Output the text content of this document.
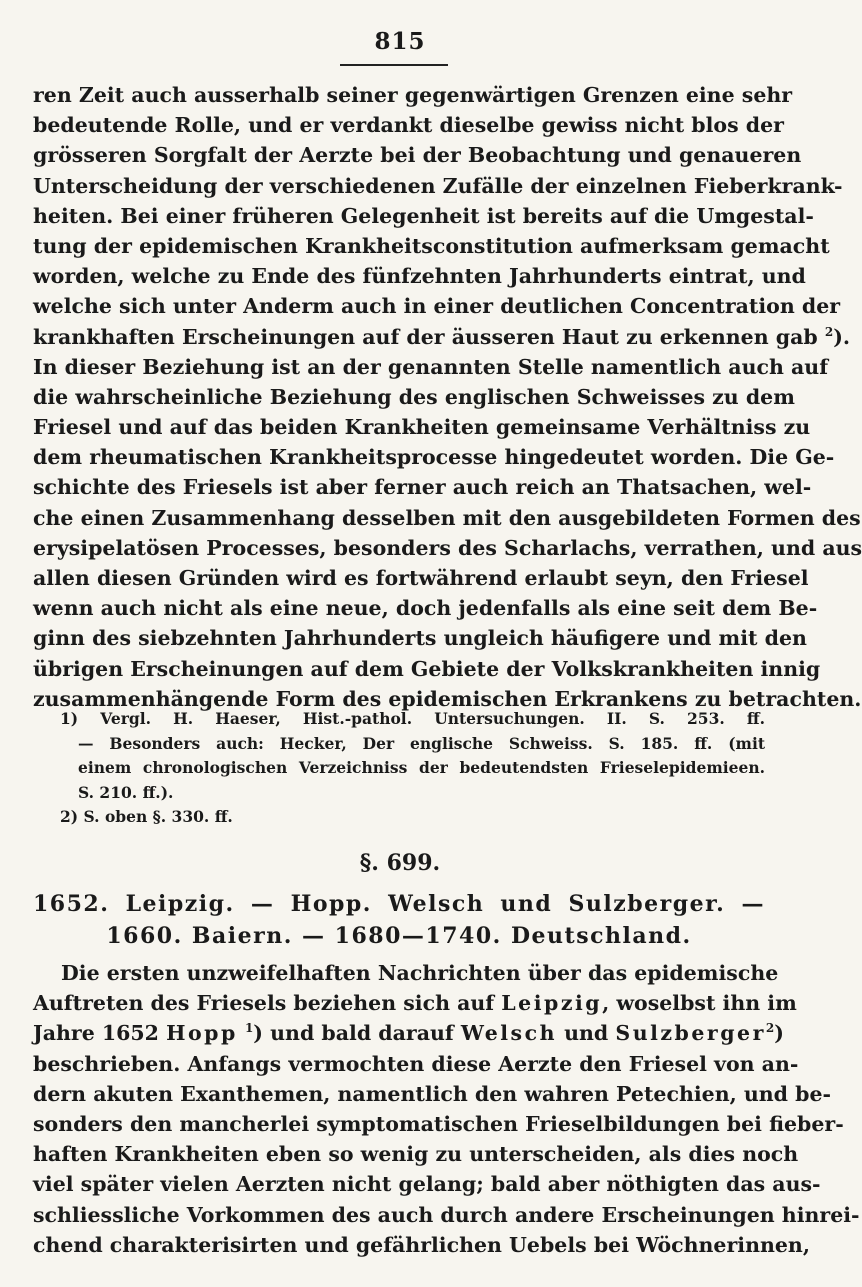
815
ren Zeit auch ausserhalb seiner gegenwärtigen Grenzen eine sehr
bedeutende Rolle, und er verdankt dieselbe gewiss nicht blos der
grösseren Sorgfalt der Aerzte bei der Beobachtung und genaueren
Unterscheidung der verschiedenen Zufälle der einzelnen Fieberkrank-
heiten. Bei einer früheren Gelegenheit ist bereits auf die Umgestal-
tung der epidemischen Krankheitsconstitution aufmerksam gemacht
worden, welche zu Ende des fünfzehnten Jahrhunderts eintrat, und
welche sich unter Anderm auch in einer deutlichen Concentration der
krankhaften Erscheinungen auf der äusseren Haut zu erkennen gab $^2$).
In dieser Beziehung ist an der genannten Stelle namentlich auch auf
die wahrscheinliche Beziehung des englischen Schweisses zu dem
Friesel und auf das beiden Krankheiten gemeinsame Verhältniss zu
dem rheumatischen Krankheitsprocesse hingedeutet worden. Die Ge-
schichte des Friesels ist aber ferner auch reich an Thatsachen, wel-
che einen Zusammenhang desselben mit den ausgebildeten Formen des
erysipelatösen Processes, besonders des Scharlachs, verrathen, und aus
allen diesen Gründen wird es fortwährend erlaubt seyn, den Friesel
wenn auch nicht als eine neue, doch jedenfalls als eine seit dem Be-
ginn des siebzehnten Jahrhunderts ungleich häufigere und mit den
übrigen Erscheinungen auf dem Gebiete der Volkskrankheiten innig
zusammenhängende Form des epidemischen Erkrankens zu betrachten.
1) Vergl. H. Haeser, Hist.-pathol. Untersuchungen. II. S. 253. ff.
— Besonders auch: Hecker, Der englische Schweiss. S. 185. ff. (mit
einem chronologischen Verzeichniss der bedeutendsten Frieselepidemieen.
S. 210. ff.).
2) S. oben §. 330. ff.
§. 699.
1652. Leipzig. — Hopp. Welsch und Sulzberger. —
1660. Baiern. — 1680—1740. Deutschland.
Die ersten unzweifelhaften Nachrichten über das epidemische
Auftreten des Friesels beziehen sich auf Leipzig, woselbst ihn im
Jahre 1652 Hopp $^1$) und bald darauf Welsch und Sulzberger$^2$)
beschrieben. Anfangs vermochten diese Aerzte den Friesel von an-
dern akuten Exanthemen, namentlich den wahren Petechien, und be-
sonders den mancherlei symptomatischen Frieselbildungen bei fieber-
haften Krankheiten eben so wenig zu unterscheiden, als dies noch
viel später vielen Aerzten nicht gelang; bald aber nöthigten das aus-
schliessliche Vorkommen des auch durch andere Erscheinungen hinrei-
chend charakterisirten und gefährlichen Uebels bei Wöchnerinnen,
